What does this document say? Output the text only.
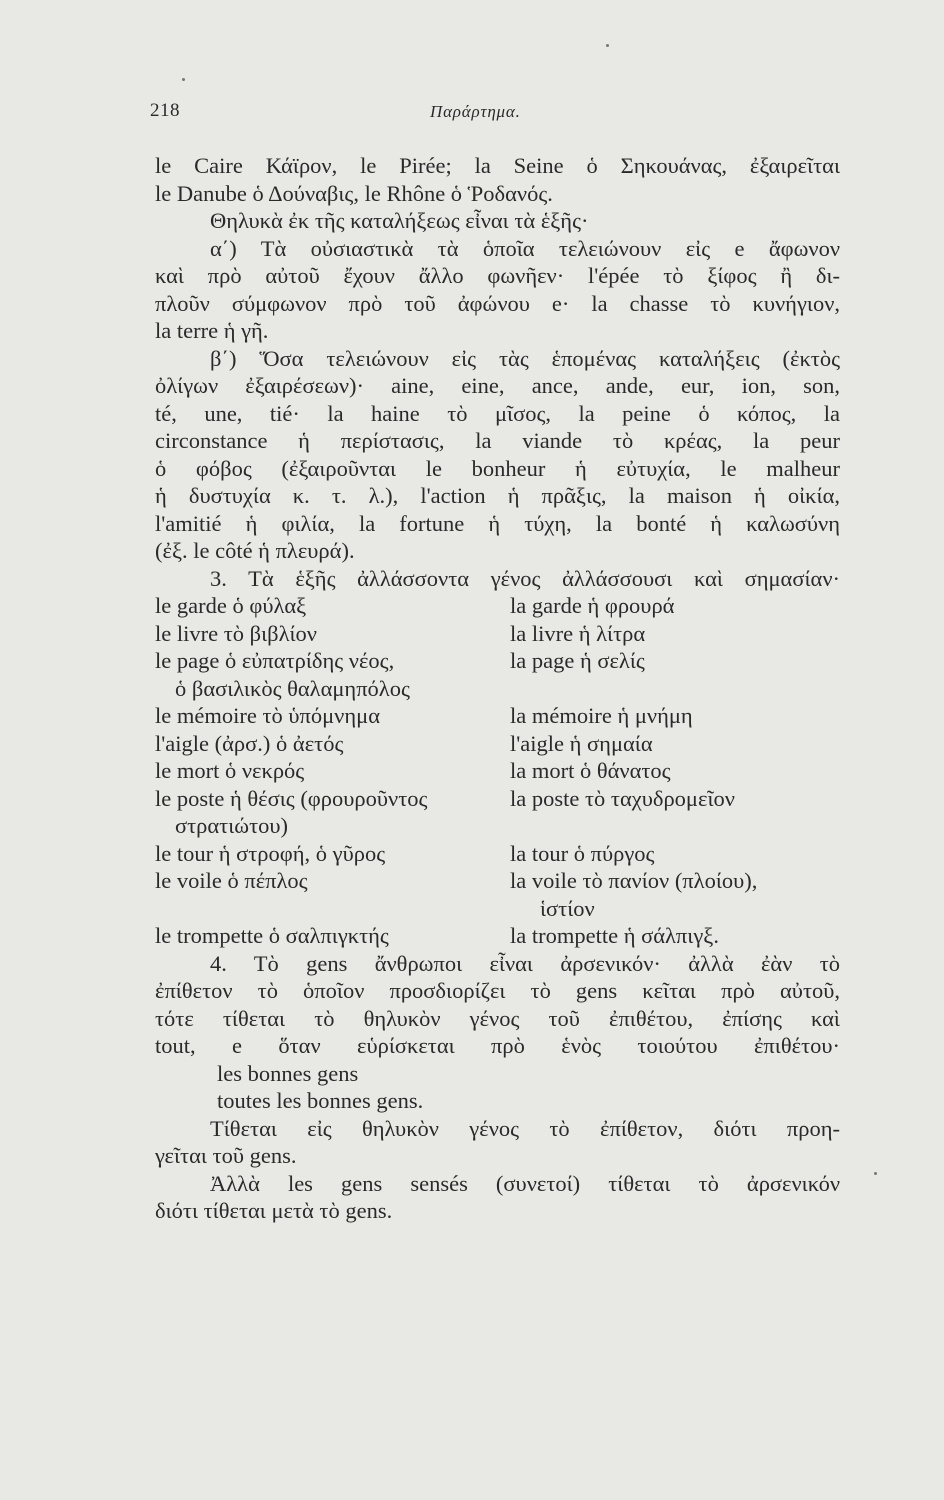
218	Παράρτημα.
le Caire Κάϊρον, le Pirée; la Seine ὁ Σηκουάνας, ἐξαιρεῖται
le Danube ὁ Δούναβις, le Rhône ὁ Ῥοδανός.
Θηλυκὰ ἐκ τῆς καταλήξεως εἶναι τὰ ἑξῆς·
α΄) Τὰ οὐσιαστικὰ τὰ ὁποῖα τελειώνουν εἰς e ἄφωνον
καὶ πρὸ αὐτοῦ ἔχουν ἄλλο φωνῆεν· l'épée τὸ ξίφος ἢ δι-
πλοῦν σύμφωνον πρὸ τοῦ ἀφώνου e· la chasse τὸ κυνήγιον,
la terre ἡ γῆ.
β΄) Ὅσα τελειώνουν εἰς τὰς ἑπομένας καταλήξεις (ἐκτὸς
ὀλίγων ἐξαιρέσεων)· aine, eine, ance, ande, eur, ion, son,
té, une, tié· la haine τὸ μῖσος, la peine ὁ κόπος, la
circonstance ἡ περίστασις, la viande τὸ κρέας, la peur
ὁ φόβος (ἐξαιροῦνται le bonheur ἡ εὐτυχία, le malheur
ἡ δυστυχία κ. τ. λ.), l'action ἡ πρᾶξις, la maison ἡ οἰκία,
l'amitié ἡ φιλία, la fortune ἡ τύχη, la bonté ἡ καλωσύνη
(ἐξ. le côté ἡ πλευρά).
3. Τὰ ἑξῆς ἀλλάσσοντα γένος ἀλλάσσουσι καὶ σημασίαν·
le garde ὁ φύλαξ	la garde ἡ φρουρά
le livre τὸ βιβλίον	la livre ἡ λίτρα
le page ὁ εὐπατρίδης νέος,	la page ἡ σελίς
ὁ βασιλικὸς θαλαμηπόλος
le mémoire τὸ ὑπόμνημα	la mémoire ἡ μνήμη
l'aigle (ἀρσ.) ὁ ἀετός	l'aigle ἡ σημαία
le mort ὁ νεκρός	la mort ὁ θάνατος
le poste ἡ θέσις (φρουροῦντος	la poste τὸ ταχυδρομεῖον
στρατιώτου)
le tour ἡ στροφή, ὁ γῦρος	la tour ὁ πύργος
le voile ὁ πέπλος	la voile τὸ πανίον (πλοίου),
ἱστίον
le trompette ὁ σαλπιγκτής	la trompette ἡ σάλπιγξ.
4. Τὸ gens ἄνθρωποι εἶναι ἀρσενικόν· ἀλλὰ ἐὰν τὸ
ἐπίθετον τὸ ὁποῖον προσδιορίζει τὸ gens κεῖται πρὸ αὐτοῦ,
τότε τίθεται τὸ θηλυκὸν γένος τοῦ ἐπιθέτου, ἐπίσης καὶ
tout, e ὅταν εὑρίσκεται πρὸ ἑνὸς τοιούτου ἐπιθέτου·
les bonnes gens
toutes les bonnes gens.
Τίθεται εἰς θηλυκὸν γένος τὸ ἐπίθετον, διότι προη-
γεῖται τοῦ gens.
Ἀλλὰ les gens sensés (συνετοί) τίθεται τὸ ἀρσενικόν
διότι τίθεται μετὰ τὸ gens.
